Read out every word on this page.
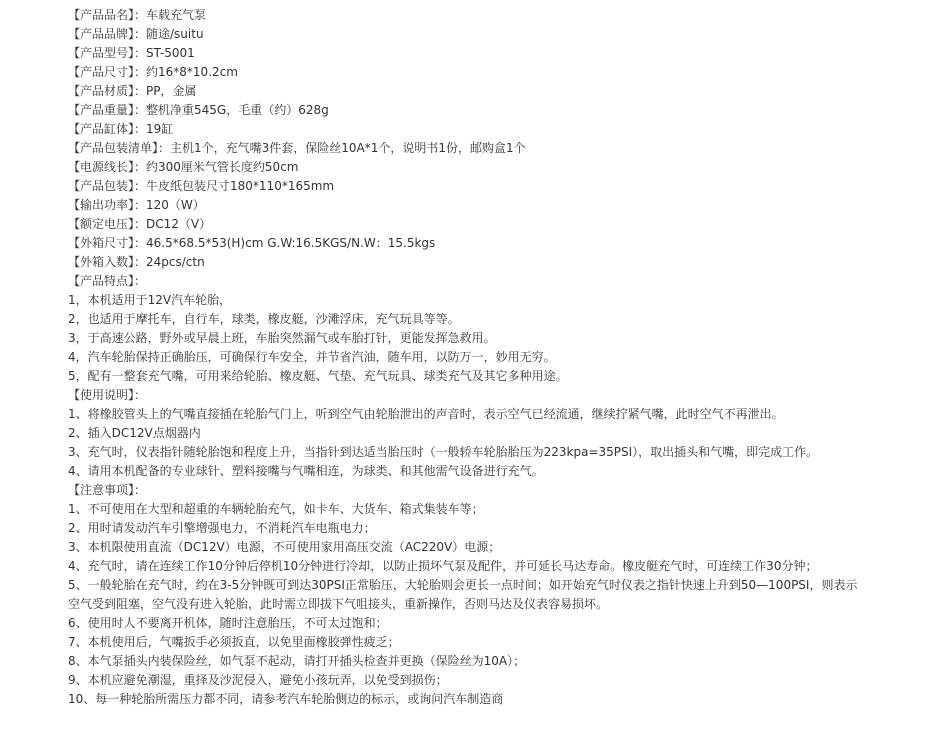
【产品品名】：车载充气泵
【产品品牌】：随途/suitu
【产品型号】：ST-5001
【产品尺寸】：约16*8*10.2cm
【产品材质】：PP，金属
【产品重量】：整机净重545G，毛重（约）628g
【产品缸体】：19缸
【产品包装清单】：主机1个，充气嘴3件套，保险丝10A*1个，说明书1份，邮购盒1个
【电源线长】：约300厘米气管长度约50cm
【产品包装】：牛皮纸包装尺寸180*110*165mm
【输出功率】：120（W）
【额定电压】：DC12（V）
【外箱尺寸】：46.5*68.5*53(H)cm G.W:16.5KGS/N.W：15.5kgs
【外箱入数】：24pcs/ctn
【产品特点】：
1，本机适用于12V汽车轮胎，
2，也适用于摩托车，自行车，球类，橡皮艇，沙滩浮床，充气玩具等等。
3，于高速公路，野外或早晨上班，车胎突然漏气或车胎打针，更能发挥急救用。
4，汽车轮胎保持正确胎压，可确保行车安全，并节省汽油，随车用，以防万一，妙用无穷。
5，配有一整套充气嘴，可用来给轮胎、橡皮艇、气垫、充气玩具、球类充气及其它多种用途。
【使用说明】：
1、将橡胶管头上的气嘴直接插在轮胎气门上，听到空气由轮胎泄出的声音时，表示空气已经流通，继续拧紧气嘴，此时空气不再泄出。
2、插入DC12V点烟器内
3、充气时，仪表指针随轮胎饱和程度上升，当指针到达适当胎压时（一般轿车轮胎胎压为223kpa=35PSI），取出插头和气嘴，即完成工作。
4、请用本机配备的专业球针、塑料接嘴与气嘴相连，为球类、和其他需气设备进行充气。
【注意事项】：
1、不可使用在大型和超重的车辆轮胎充气，如卡车、大货车、箱式集装车等；
2、用时请发动汽车引擎增强电力，不消耗汽车电瓶电力；
3、本机限使用直流（DC12V）电源，不可使用家用高压交流（AC220V）电源；
4、充气时，请在连续工作10分钟后停机10分钟进行冷却，以防止损坏气泵及配件，并可延长马达寿命。橡皮艇充气时，可连续工作30分钟；
5、一般轮胎在充气时，约在3-5分钟既可到达30PSI正常胎压，大轮胎则会更长一点时间；如开始充气时仪表之指针快速上升到50—100PSI，则表示空气受到阻塞，空气没有进入轮胎，此时需立即拔下气咀接头，重新操作，否则马达及仪表容易损坏。
6、使用时人不要离开机体，随时注意胎压，不可太过饱和；
7、本机使用后，气嘴扳手必须扳直，以免里面橡胶弹性疲乏；
8、本气泵插头内装保险丝，如气泵不起动，请打开插头检查并更换（保险丝为10A）；
9、本机应避免潮湿，重择及沙泥侵入，避免小孩玩弄，以免受到损伤；
10、每一种轮胎所需压力都不同，请参考汽车轮胎侧边的标示，或询问汽车制造商
